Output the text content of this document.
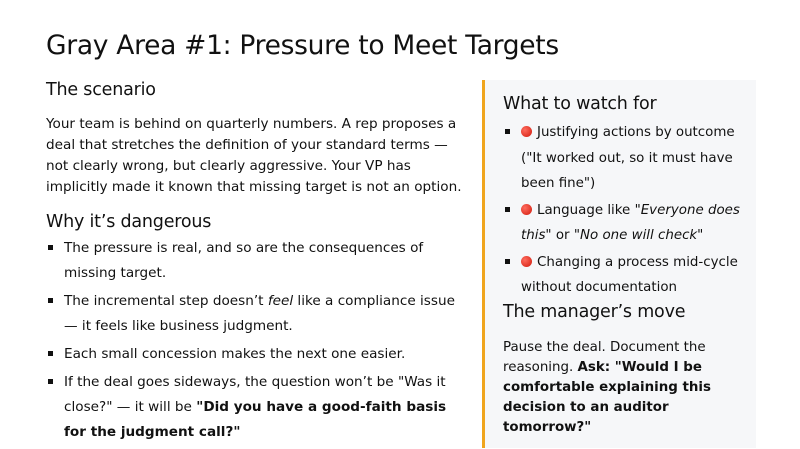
Gray Area #1: Pressure to Meet Targets
The scenario

Your team is behind on quarterly numbers. A rep proposes a deal that stretches the definition of your standard terms — not clearly wrong, but clearly aggressive. Your VP has implicitly made it known that missing target is not an option.

Why it’s dangerous
The pressure is real, and so are the consequences of missing target.
The incremental step doesn’t feel like a compliance issue — it feels like business judgment.
Each small concession makes the next one easier.
If the deal goes sideways, the question won’t be "Was it close?" — it will be "Did you have a good-faith basis for the judgment call?"
What to watch for
Justifying actions by outcome ("It worked out, so it must have been fine")
Language like "Everyone does this" or "No one will check"
Changing a process mid-cycle without documentation
The manager’s move

Pause the deal. Document the reasoning. Ask: "Would I be comfortable explaining this decision to an auditor tomorrow?"
